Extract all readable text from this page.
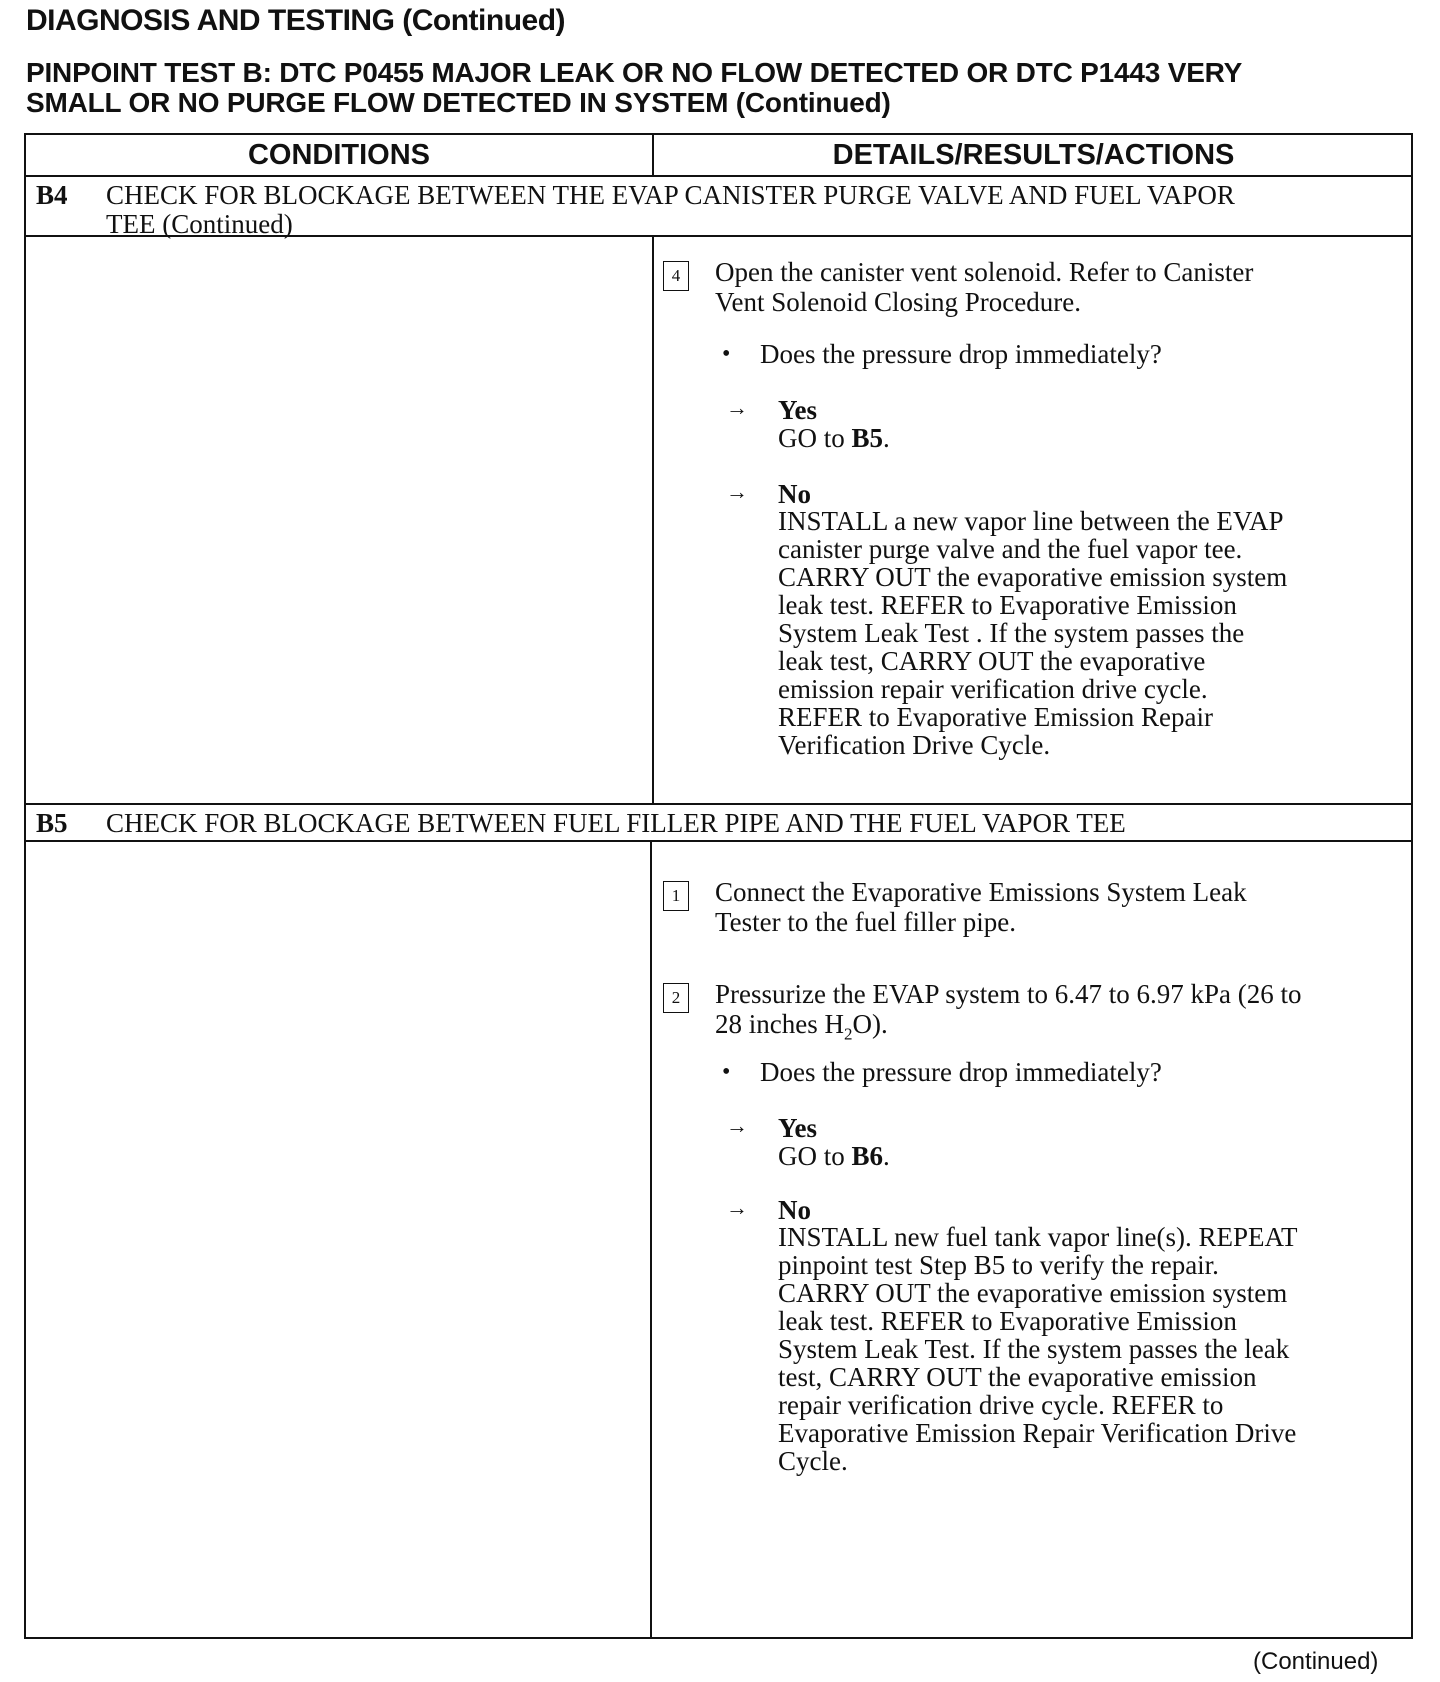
DIAGNOSIS AND TESTING (Continued)
PINPOINT TEST B: DTC P0455 MAJOR LEAK OR NO FLOW DETECTED OR DTC P1443 VERY
SMALL OR NO PURGE FLOW DETECTED IN SYSTEM (Continued)
CONDITIONS	DETAILS/RESULTS/ACTIONS
B4 CHECK FOR BLOCKAGE BETWEEN THE EVAP CANISTER PURGE VALVE AND FUEL VAPOR TEE (Continued)
4	Open the canister vent solenoid. Refer to Canister Vent Solenoid Closing Procedure.
• Does the pressure drop immediately?
→ Yes
GO to B5.
→ No
INSTALL a new vapor line between the EVAP canister purge valve and the fuel vapor tee. CARRY OUT the evaporative emission system leak test. REFER to Evaporative Emission System Leak Test . If the system passes the leak test, CARRY OUT the evaporative emission repair verification drive cycle. REFER to Evaporative Emission Repair Verification Drive Cycle.
B5 CHECK FOR BLOCKAGE BETWEEN FUEL FILLER PIPE AND THE FUEL VAPOR TEE
1	Connect the Evaporative Emissions System Leak Tester to the fuel filler pipe.
2	Pressurize the EVAP system to 6.47 to 6.97 kPa (26 to 28 inches $H_2O$).
• Does the pressure drop immediately?
→ Yes
GO to B6.
→ No
INSTALL new fuel tank vapor line(s). REPEAT pinpoint test Step B5 to verify the repair. CARRY OUT the evaporative emission system leak test. REFER to Evaporative Emission System Leak Test. If the system passes the leak test, CARRY OUT the evaporative emission repair verification drive cycle. REFER to Evaporative Emission Repair Verification Drive Cycle.
(Continued)
